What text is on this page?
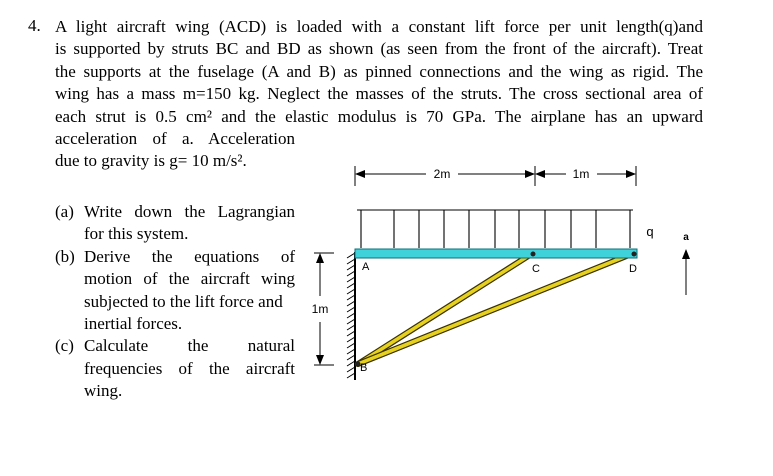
4. A light aircraft wing (ACD) is loaded with a constant lift force per unit length(q)and
is supported by struts BC and BD as shown (as seen from the front of the aircraft). Treat
the supports at the fuselage (A and B) as pinned connections and the wing as rigid. The
wing has a mass m=150 kg. Neglect the masses of the struts. The cross sectional area of
each strut is 0.5 cm² and the elastic modulus is 70 GPa. The airplane has an upward
acceleration of a. Acceleration
due to gravity is g= 10 m/s².
(a) Write down the Lagrangian
for this system.
(b) Derive the equations of
motion of the aircraft wing
subjected to the lift force and
inertial forces.
(c) Calculate the natural
frequencies of the aircraft
wing.
2m	1m
q	a
1m
A	C	D
B
